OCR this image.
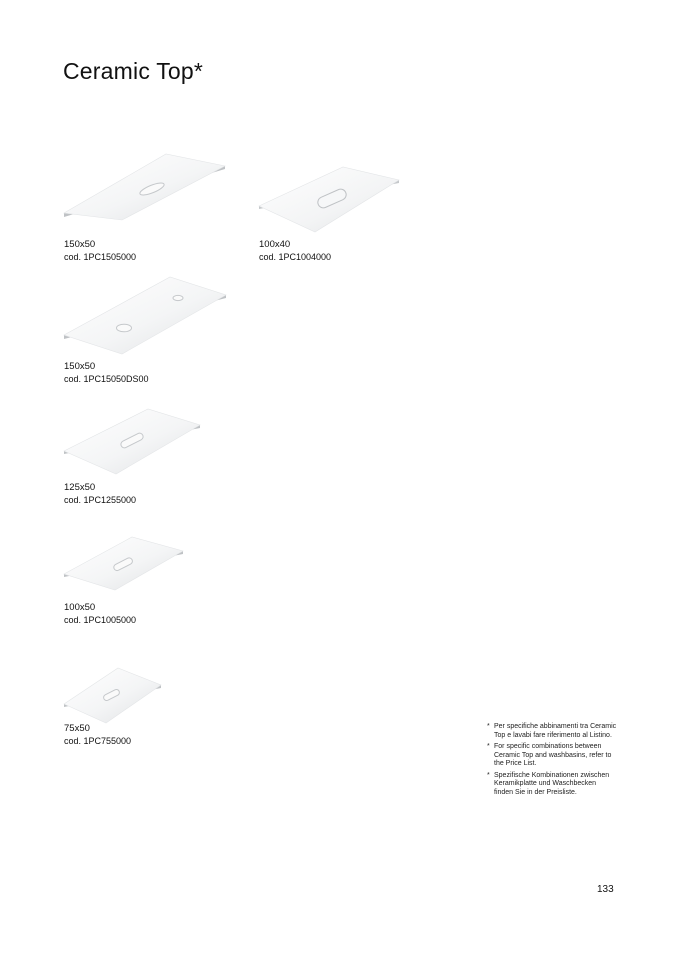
Ceramic Top*
150x50
cod. 1PC1505000
100x40
cod. 1PC1004000
150x50
cod. 1PC15050DS00
125x50
cod. 1PC1255000
100x50
cod. 1PC1005000
75x50
cod. 1PC755000
* Per specifiche abbinamenti tra Ceramic Top e lavabi fare riferimento al Listino.
* For specific combinations between Ceramic Top and washbasins, refer to the Price List.
* Spezifische Kombinationen zwischen Keramikplatte und Waschbecken finden Sie in der Preisliste.
133
